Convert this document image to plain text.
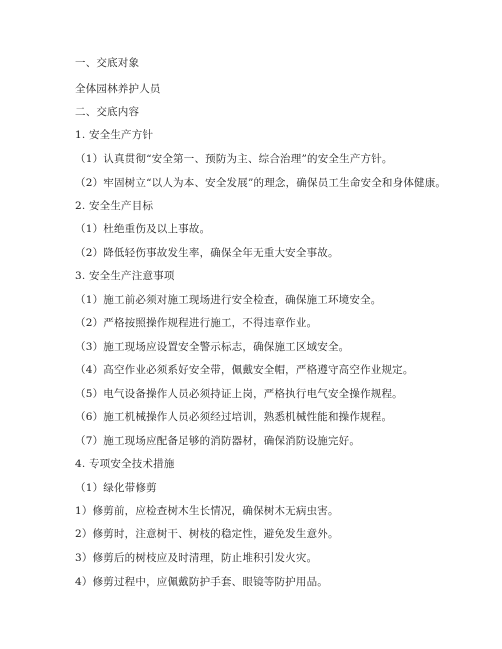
一、交底对象
全体园林养护人员
二、交底内容
1. 安全生产方针
（1）认真贯彻“安全第一、预防为主、综合治理”的安全生产方针。
（2）牢固树立“以人为本、安全发展”的理念，确保员工生命安全和身体健康。
2. 安全生产目标
（1）杜绝重伤及以上事故。
（2）降低轻伤事故发生率，确保全年无重大安全事故。
3. 安全生产注意事项
（1）施工前必须对施工现场进行安全检查，确保施工环境安全。
（2）严格按照操作规程进行施工，不得违章作业。
（3）施工现场应设置安全警示标志，确保施工区域安全。
（4）高空作业必须系好安全带，佩戴安全帽，严格遵守高空作业规定。
（5）电气设备操作人员必须持证上岗，严格执行电气安全操作规程。
（6）施工机械操作人员必须经过培训，熟悉机械性能和操作规程。
（7）施工现场应配备足够的消防器材，确保消防设施完好。
4. 专项安全技术措施
（1）绿化带修剪
1）修剪前，应检查树木生长情况，确保树木无病虫害。
2）修剪时，注意树干、树枝的稳定性，避免发生意外。
3）修剪后的树枝应及时清理，防止堆积引发火灾。
4）修剪过程中，应佩戴防护手套、眼镜等防护用品。
